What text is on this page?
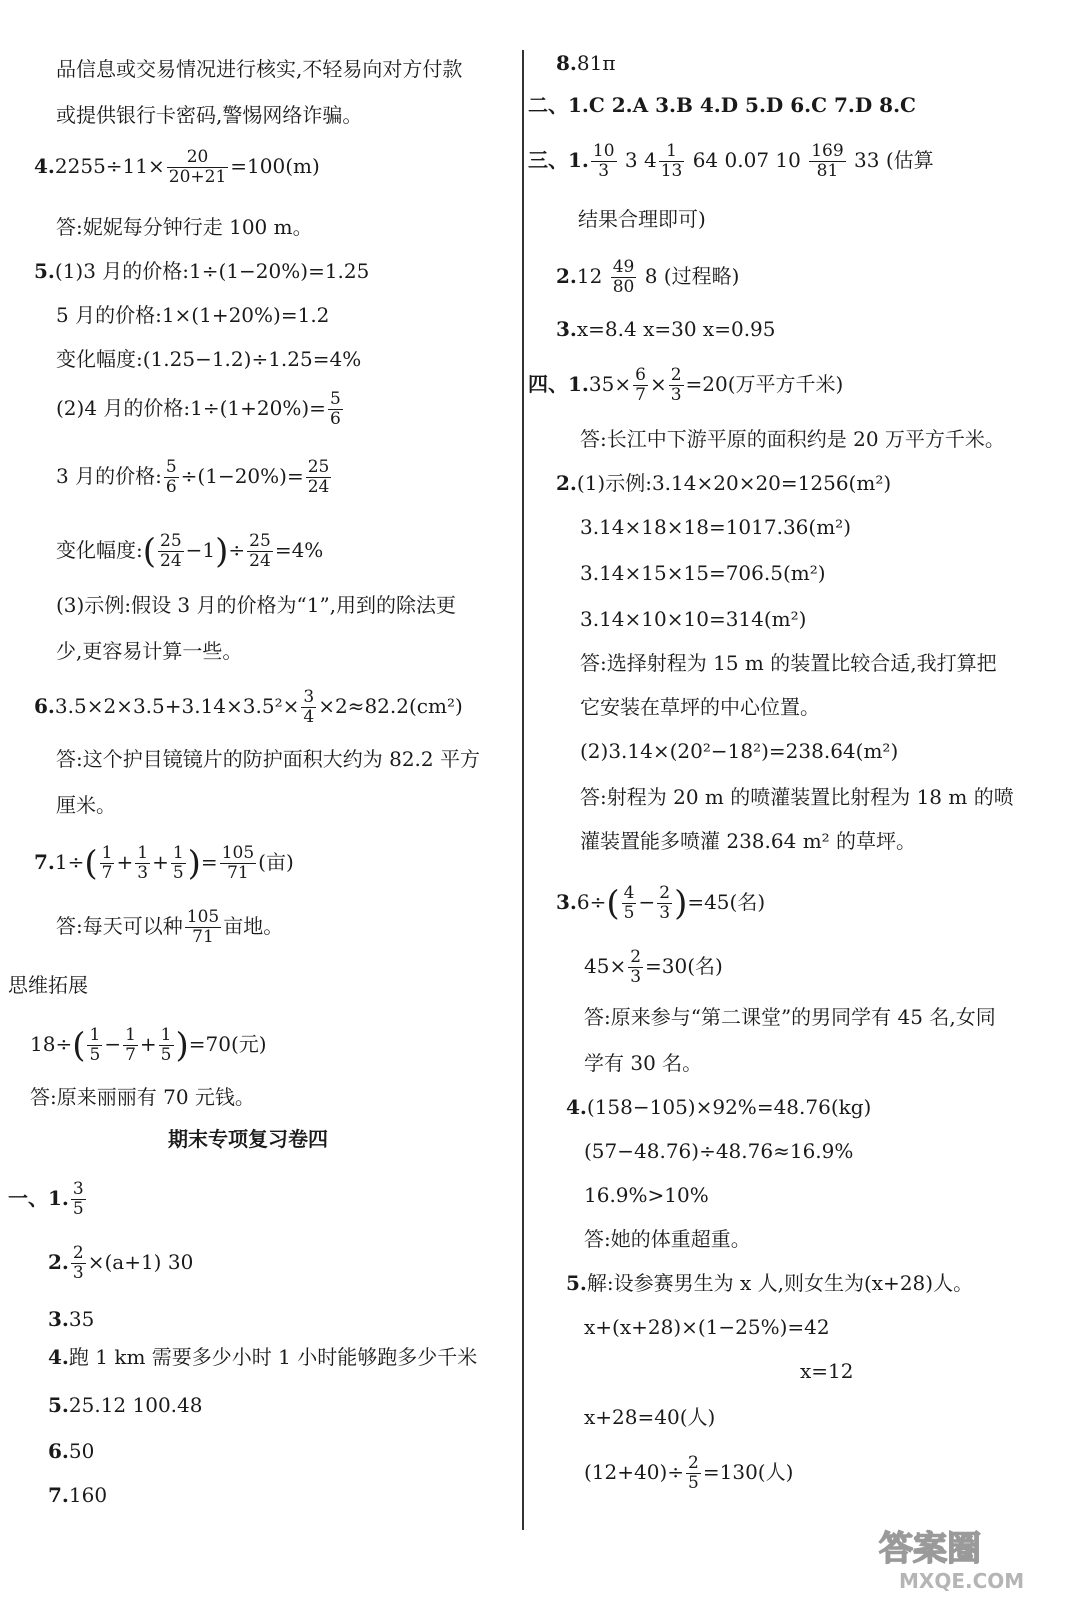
品信息或交易情况进行核实,不轻易向对方付款
或提供银行卡密码,警惕网络诈骗。
$4.2255\div 11\times \frac{20}{20+21} =100(m)$
答:妮妮每分钟行走 100 m。
5.(1)3 月的价格:1÷(1−20%)=1.25
5 月的价格:1×(1+20%)=1.2
变化幅度:(1.25−1.2)÷1.25=4%
(2)4 月的价格:1÷(1+20%)= $\frac{5}{6}$
3 月的价格: $\frac{5}{6} \div(1-20\%)= \frac{25}{24}$
变化幅度:( $\frac{25}{24} -1)\div \frac{25}{24} =4\%$
(3)示例:假设 3 月的价格为“1”,用到的除法更
少,更容易计算一些。
$6.3.5\times 2\times 3.5+3.14\times 3.5^2\times \frac{3}{4} \times 2\approx 82.2(cm^2)$
答:这个护目镜镜片的防护面积大约为 82.2 平方
厘米。
$7.1\div( \frac{1}{7} + \frac{1}{3} + \frac{1}{5}$ )= $\frac{105}{71}$ (亩)
答:每天可以种 $\frac{105}{71}$ 亩地。
思维拓展
$18\div( \frac{1}{5} - \frac{1}{7} + \frac{1}{5} )=70$(元)
答:原来丽丽有 70 元钱。
期末专项复习卷四
一、1. $\frac{3}{5}$
2. $\frac{2}{3} \times(a+1)$ 30
3.35
4.跑 1 km 需要多少小时 1 小时能够跑多少千米
5.25.12 100.48
6.50
7.160
8.81π
二、1.C 2.A 3.B 4.D 5.D 6.C 7.D 8.C
三、1. $\frac{10}{3} 3$ $4 \frac{1}{13} 64$ 0.07 $10 \frac{169}{81} 33$ (估算
结果合理即可)
$2.12 \frac{49}{80} 8$ (过程略)
3.x=8.4 x=30 x=0.95
四、$1.35\times \frac{6}{7} \times \frac{2}{3} =20$(万平方千米)
答:长江中下游平原的面积约是 20 万平方千米。
2.(1)示例:3.14×20×20=1256(m²)
3.14×18×18=1017.36(m²)
3.14×15×15=706.5(m²)
3.14×10×10=314(m²)
答:选择射程为 15 m 的装置比较合适,我打算把
它安装在草坪的中心位置。
(2)3.14×(20²−18²)=238.64(m²)
答:射程为 20 m 的喷灌装置比射程为 18 m 的喷
灌装置能多喷灌 238.64 m² 的草坪。
$3.6\div( \frac{4}{5} - \frac{2}{3} )=45$(名)
$45\times \frac{2}{3} =30$(名)
答:原来参与“第二课堂”的男同学有 45 名,女同
学有 30 名。
4.(158−105)×92%=48.76(kg)
(57−48.76)÷48.76≈16.9%
16.9%>10%
答:她的体重超重。
5.解:设参赛男生为 x 人,则女生为(x+28)人。
x+(x+28)×(1−25%)=42
x=12
x+28=40(人)
$(12+40)\div \frac{2}{5} =130$(人)
答案圈
MXQE.COM
